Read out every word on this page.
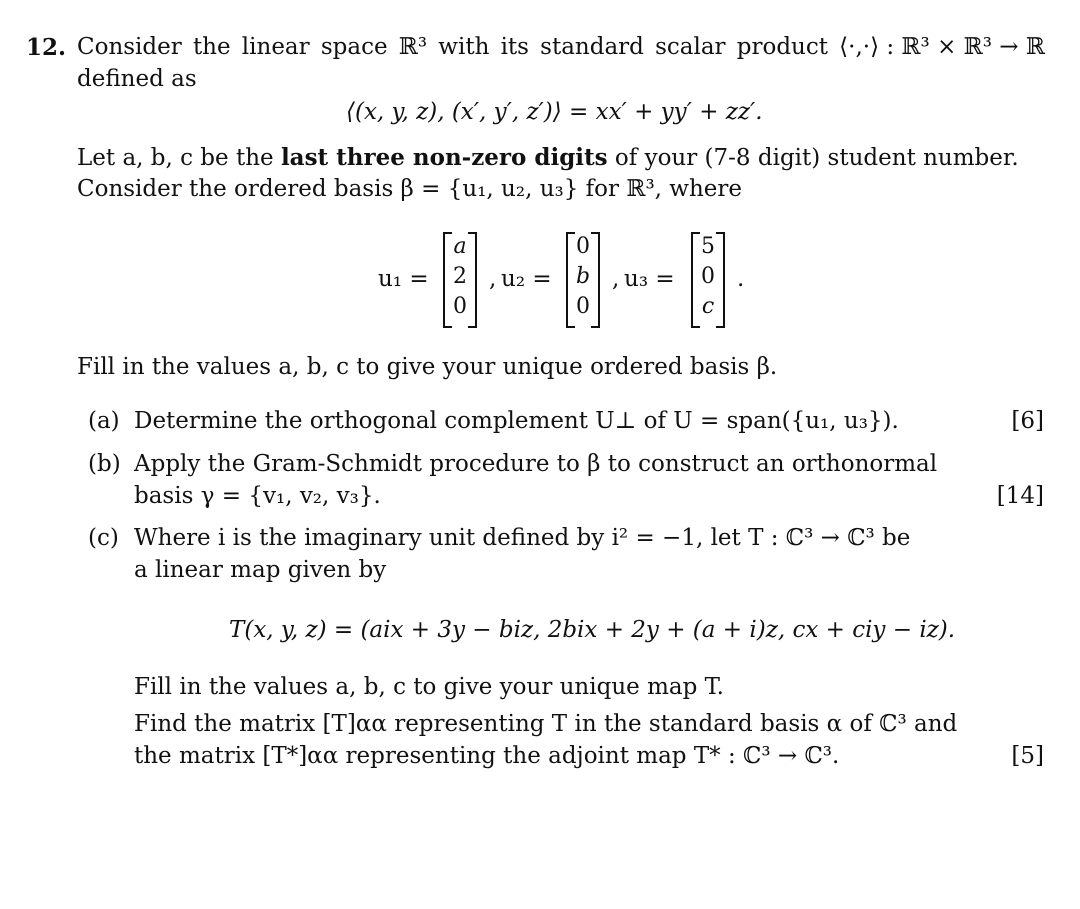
12. Consider the linear space ℝ³ with its standard scalar product ⟨·,·⟩ : ℝ³ × ℝ³ → ℝ
defined as
⟨(x, y, z), (x′, y′, z′)⟩ = xx′ + yy′ + zz′.
Let a, b, c be the last three non-zero digits of your (7-8 digit) student number.
Consider the ordered basis β = {u₁, u₂, u₃} for ℝ³, where
u₁ =
a
2
0
, u₂ =
0
b
0
, u₃ =
5
0
c
.
Fill in the values a, b, c to give your unique ordered basis β.
(a) Determine the orthogonal complement U⊥ of U = span({u₁, u₃}).	[6]
(b) Apply the Gram-Schmidt procedure to β to construct an orthonormal
basis γ = {v₁, v₂, v₃}.	[14]
(c) Where i is the imaginary unit defined by i² = −1, let T : ℂ³ → ℂ³ be
a linear map given by
T(x, y, z) = (aix + 3y − biz, 2bix + 2y + (a + i)z, cx + ciy − iz).
Fill in the values a, b, c to give your unique map T.
Find the matrix [T]αα representing T in the standard basis α of ℂ³ and
the matrix [T*]αα representing the adjoint map T* : ℂ³ → ℂ³.	[5]
